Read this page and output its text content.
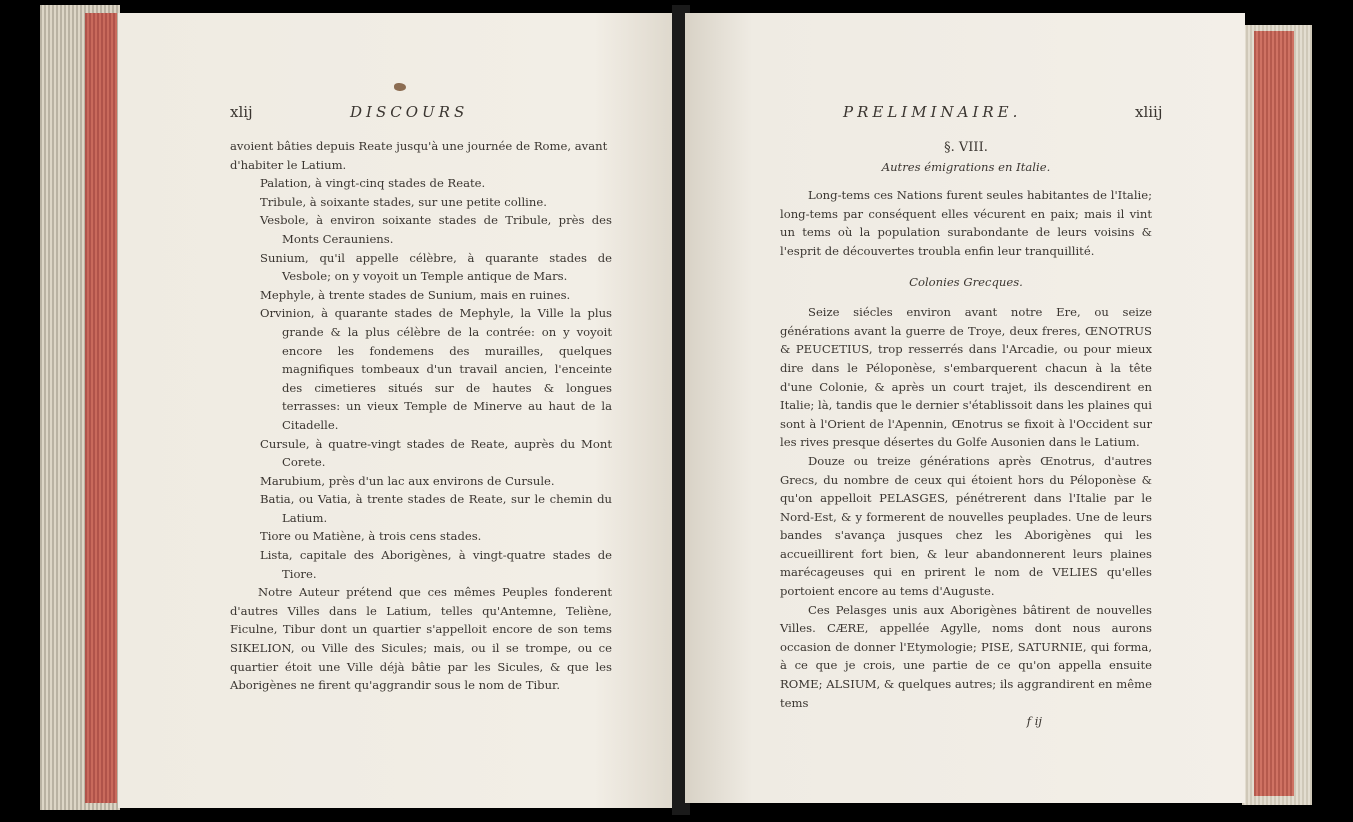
xlij	DISCOURS

avoient bâties depuis Reate jusqu'à une journée de Rome, avant

d'habiter le Latium.

Palation, à vingt-cinq stades de Reate.

Tribule, à soixante stades, sur une petite colline.

Vesbole, à environ soixante stades de Tribule, près des Monts Cerauniens.

Sunium, qu'il appelle célèbre, à quarante stades de Vesbole; on y voyoit un Temple antique de Mars.

Mephyle, à trente stades de Sunium, mais en ruines.

Orvinion, à quarante stades de Mephyle, la Ville la plus grande & la plus célèbre de la contrée: on y voyoit encore les fondemens des murailles, quelques magnifiques tombeaux d'un travail ancien, l'enceinte des cimetieres situés sur de hautes & longues terrasses: un vieux Temple de Minerve au haut de la Citadelle.

Cursule, à quatre-vingt stades de Reate, auprès du Mont Corete.

Marubium, près d'un lac aux environs de Cursule.

Batia, ou Vatia, à trente stades de Reate, sur le chemin du Latium.

Tiore ou Matiène, à trois cens stades.

Lista, capitale des Aborigènes, à vingt-quatre stades de Tiore.

Notre Auteur prétend que ces mêmes Peuples fonderent d'autres Villes dans le Latium, telles qu'Antemne, Teliène, Ficulne, Tibur dont un quartier s'appelloit encore de son tems SIKELION, ou Ville des Sicules; mais, ou il se trompe, ou ce quartier étoit une Ville déjà bâtie par les Sicules, & que les Aborigènes ne firent qu'aggrandir sous le nom de Tibur.

PRELIMINAIRE.	xliij

§. VIII.

Autres émigrations en Italie.

Long-tems ces Nations furent seules habitantes de l'Italie; long-tems par conséquent elles vécurent en paix; mais il vint un tems où la population surabondante de leurs voisins & l'esprit de découvertes troubla enfin leur tranquillité.

Colonies Grecques.

Seize siécles environ avant notre Ere, ou seize générations avant la guerre de Troye, deux freres, ŒNOTRUS & PEUCETIUS, trop resserrés dans l'Arcadie, ou pour mieux dire dans le Péloponèse, s'embarquerent chacun à la tête d'une Colonie, & après un court trajet, ils descendirent en Italie; là, tandis que le dernier s'établissoit dans les plaines qui sont à l'Orient de l'Apennin, Œnotrus se fixoit à l'Occident sur les rives presque désertes du Golfe Ausonien dans le Latium.

Douze ou treize générations après Œnotrus, d'autres Grecs, du nombre de ceux qui étoient hors du Péloponèse & qu'on appelloit PELASGES, pénétrerent dans l'Italie par le Nord-Est, & y formerent de nouvelles peuplades. Une de leurs bandes s'avança jusques chez les Aborigènes qui les accueillirent fort bien, & leur abandonnerent leurs plaines marécageuses qui en prirent le nom de VELIES qu'elles portoient encore au tems d'Auguste.

Ces Pelasges unis aux Aborigènes bâtirent de nouvelles Villes. CÆRE, appellée Agylle, noms dont nous aurons occasion de donner l'Etymologie; PISE, SATURNIE, qui forma, à ce que je crois, une partie de ce qu'on appella ensuite ROME; ALSIUM, & quelques autres; ils aggrandirent en même tems

f ij
